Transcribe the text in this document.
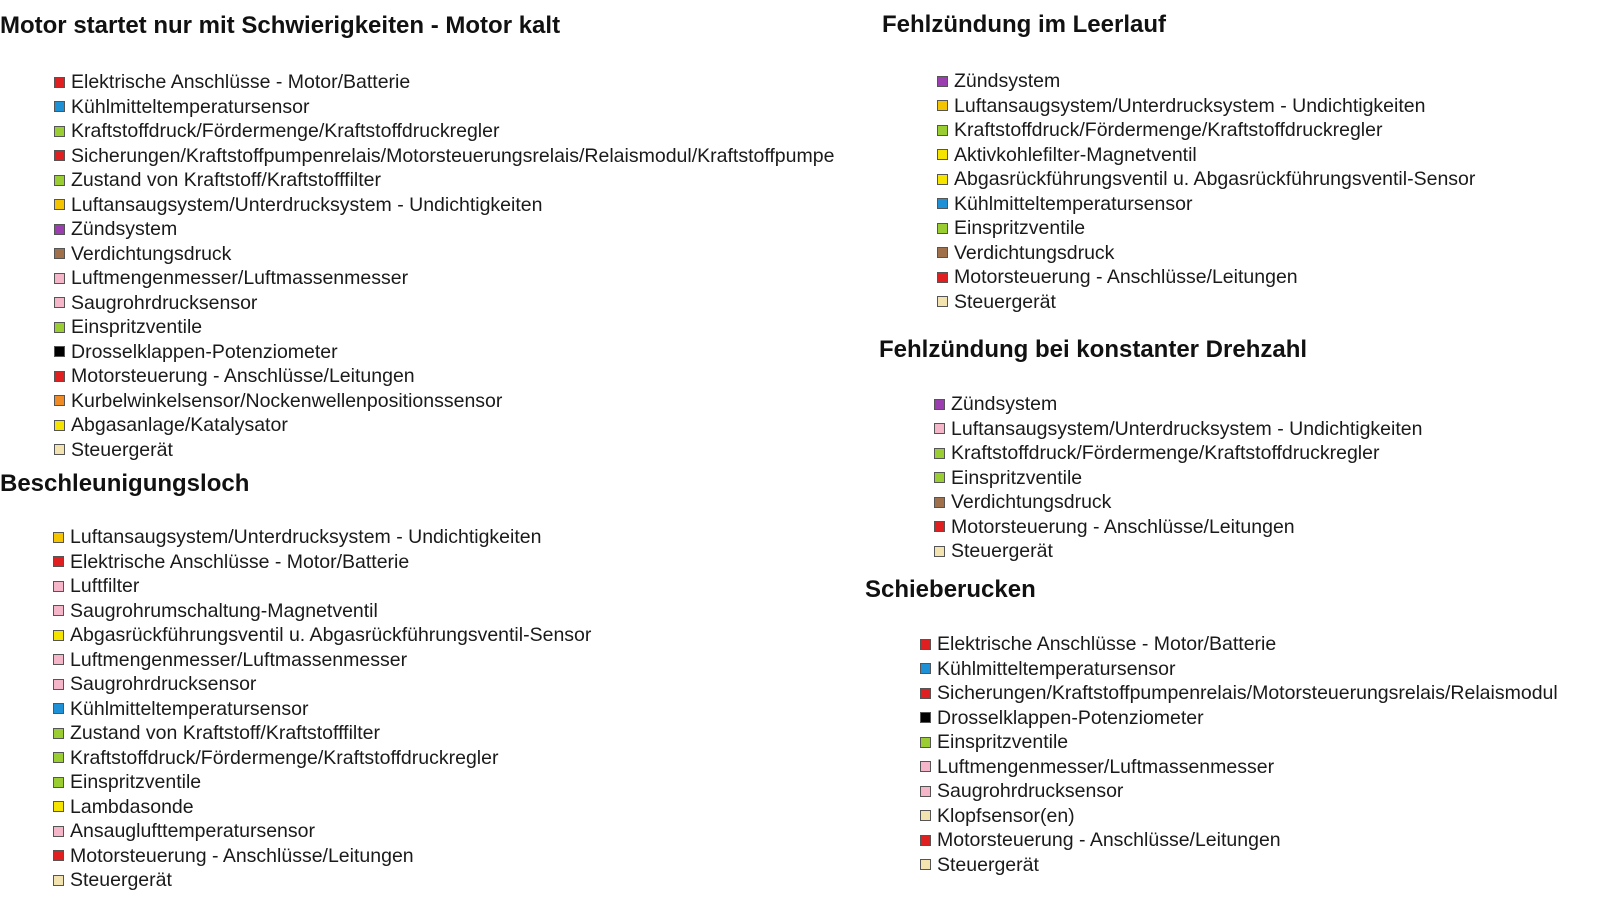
Motor startet nur mit Schwierigkeiten - Motor kalt
Elektrische Anschlüsse - Motor/Batterie
Kühlmitteltemperatursensor
Kraftstoffdruck/Fördermenge/Kraftstoffdruckregler
Sicherungen/Kraftstoffpumpenrelais/Motorsteuerungsrelais/Relaismodul/Kraftstoffpumpe
Zustand von Kraftstoff/Kraftstofffilter
Luftansaugsystem/Unterdrucksystem - Undichtigkeiten
Zündsystem
Verdichtungsdruck
Luftmengenmesser/Luftmassenmesser
Saugrohrdrucksensor
Einspritzventile
Drosselklappen-Potenziometer
Motorsteuerung - Anschlüsse/Leitungen
Kurbelwinkelsensor/Nockenwellenpositionssensor
Abgasanlage/Katalysator
Steuergerät
Beschleunigungsloch
Luftansaugsystem/Unterdrucksystem - Undichtigkeiten
Elektrische Anschlüsse - Motor/Batterie
Luftfilter
Saugrohrumschaltung-Magnetventil
Abgasrückführungsventil u. Abgasrückführungsventil-Sensor
Luftmengenmesser/Luftmassenmesser
Saugrohrdrucksensor
Kühlmitteltemperatursensor
Zustand von Kraftstoff/Kraftstofffilter
Kraftstoffdruck/Fördermenge/Kraftstoffdruckregler
Einspritzventile
Lambdasonde
Ansauglufttemperatursensor
Motorsteuerung - Anschlüsse/Leitungen
Steuergerät
Fehlzündung im Leerlauf
Zündsystem
Luftansaugsystem/Unterdrucksystem - Undichtigkeiten
Kraftstoffdruck/Fördermenge/Kraftstoffdruckregler
Aktivkohlefilter-Magnetventil
Abgasrückführungsventil u. Abgasrückführungsventil-Sensor
Kühlmitteltemperatursensor
Einspritzventile
Verdichtungsdruck
Motorsteuerung - Anschlüsse/Leitungen
Steuergerät
Fehlzündung bei konstanter Drehzahl
Zündsystem
Luftansaugsystem/Unterdrucksystem - Undichtigkeiten
Kraftstoffdruck/Fördermenge/Kraftstoffdruckregler
Einspritzventile
Verdichtungsdruck
Motorsteuerung - Anschlüsse/Leitungen
Steuergerät
Schieberucken
Elektrische Anschlüsse - Motor/Batterie
Kühlmitteltemperatursensor
Sicherungen/Kraftstoffpumpenrelais/Motorsteuerungsrelais/Relaismodul
Drosselklappen-Potenziometer
Einspritzventile
Luftmengenmesser/Luftmassenmesser
Saugrohrdrucksensor
Klopfsensor(en)
Motorsteuerung - Anschlüsse/Leitungen
Steuergerät
